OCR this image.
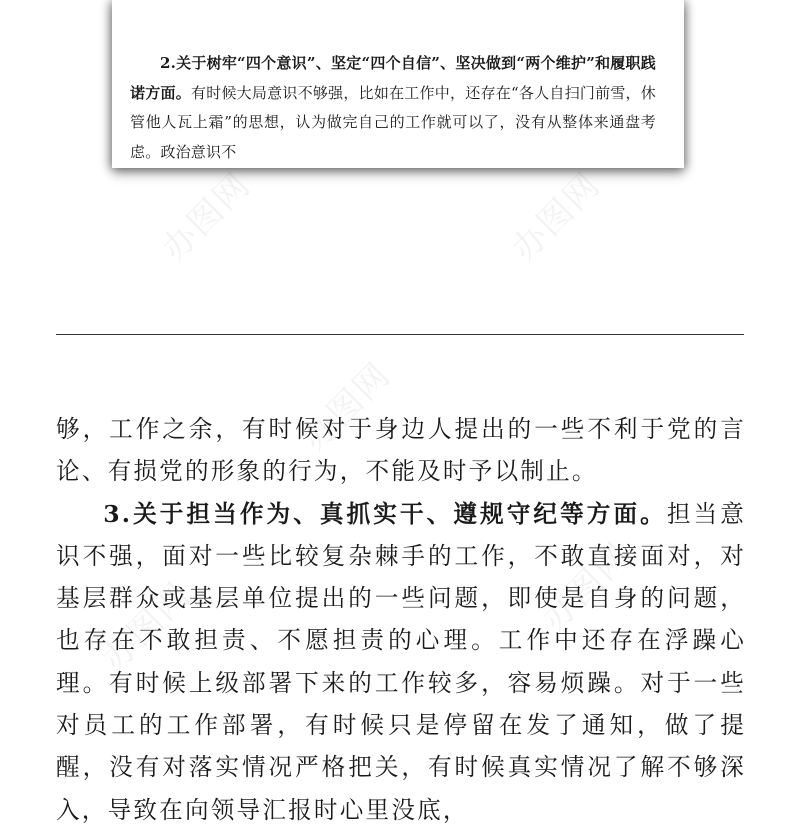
2.关于树牢“四个意识”、坚定“四个自信”、坚决做到“两个维护”和履职践诺方面。有时候大局意识不够强，比如在工作中，还存在“各人自扫门前雪，休管他人瓦上霜”的思想，认为做完自己的工作就可以了，没有从整体来通盘考虑。政治意识不

够，工作之余，有时候对于身边人提出的一些不利于党的言论、有损党的形象的行为，不能及时予以制止。

3.关于担当作为、真抓实干、遵规守纪等方面。担当意识不强，面对一些比较复杂棘手的工作，不敢直接面对，对基层群众或基层单位提出的一些问题，即使是自身的问题，也存在不敢担责、不愿担责的心理。工作中还存在浮躁心理。有时候上级部署下来的工作较多，容易烦躁。对于一些对员工的工作部署，有时候只是停留在发了通知，做了提醒，没有对落实情况严格把关，有时候真实情况了解不够深入，导致在向领导汇报时心里没底，

办图网	办图网
办图网
办图网
办图网
